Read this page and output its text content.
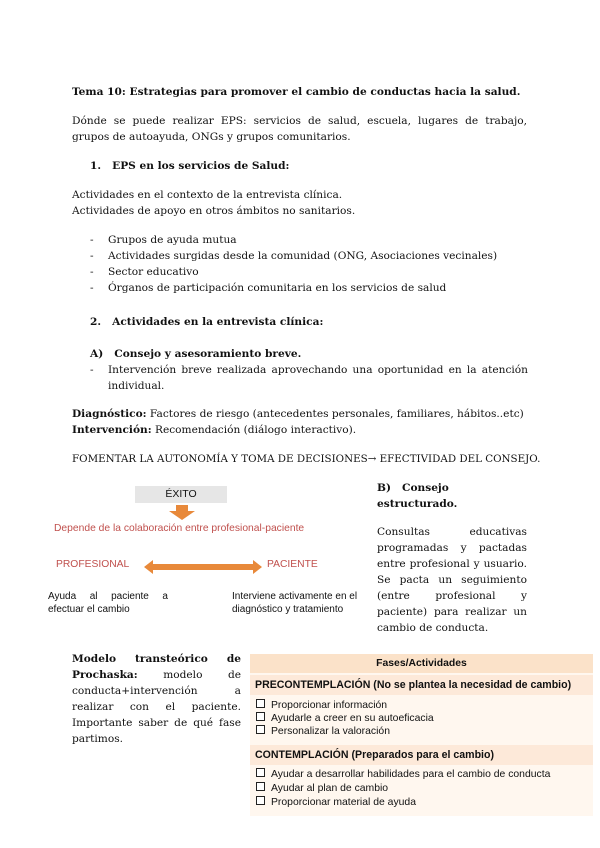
Tema 10: Estrategias para promover el cambio de conductas hacia la salud.
Dónde se puede realizar EPS: servicios de salud, escuela, lugares de trabajo, grupos de autoayuda, ONGs y grupos comunitarios.
1.   EPS en los servicios de Salud:
Actividades en el contexto de la entrevista clínica.
Actividades de apoyo en otros ámbitos no sanitarios.
- Grupos de ayuda mutua
- Actividades surgidas desde la comunidad (ONG, Asociaciones vecinales)
- Sector educativo
- Órganos de participación comunitaria en los servicios de salud
2.   Actividades en la entrevista clínica:
A)   Consejo y asesoramiento breve.
- Intervención breve realizada aprovechando una oportunidad en la atención individual.
Diagnóstico: Factores de riesgo (antecedentes personales, familiares, hábitos..etc)
Intervención: Recomendación (diálogo interactivo).
FOMENTAR LA AUTONOMÍA Y TOMA DE DECISIONES→ EFECTIVIDAD DEL CONSEJO.
ÉXITO
Depende de la colaboración entre profesional-paciente
PROFESIONAL	PACIENTE
Ayuda al paciente a efectuar el cambio
Interviene activamente en el diagnóstico y tratamiento
B)   Consejo estructurado.
Consultas educativas programadas y pactadas entre profesional y usuario. Se pacta un seguimiento (entre profesional y paciente) para realizar un cambio de conducta.
Modelo transteórico de Prochaska: modelo de conducta+intervención a realizar con el paciente. Importante saber de qué fase partimos.
Fases/Actividades
PRECONTEMPLACIÓN (No se plantea la necesidad de cambio)
Proporcionar información
Ayudarle a creer en su autoeficacia
Personalizar la valoración
CONTEMPLACIÓN (Preparados para el cambio)
Ayudar a desarrollar habilidades para el cambio de conducta
Ayudar al plan de cambio
Proporcionar material de ayuda
